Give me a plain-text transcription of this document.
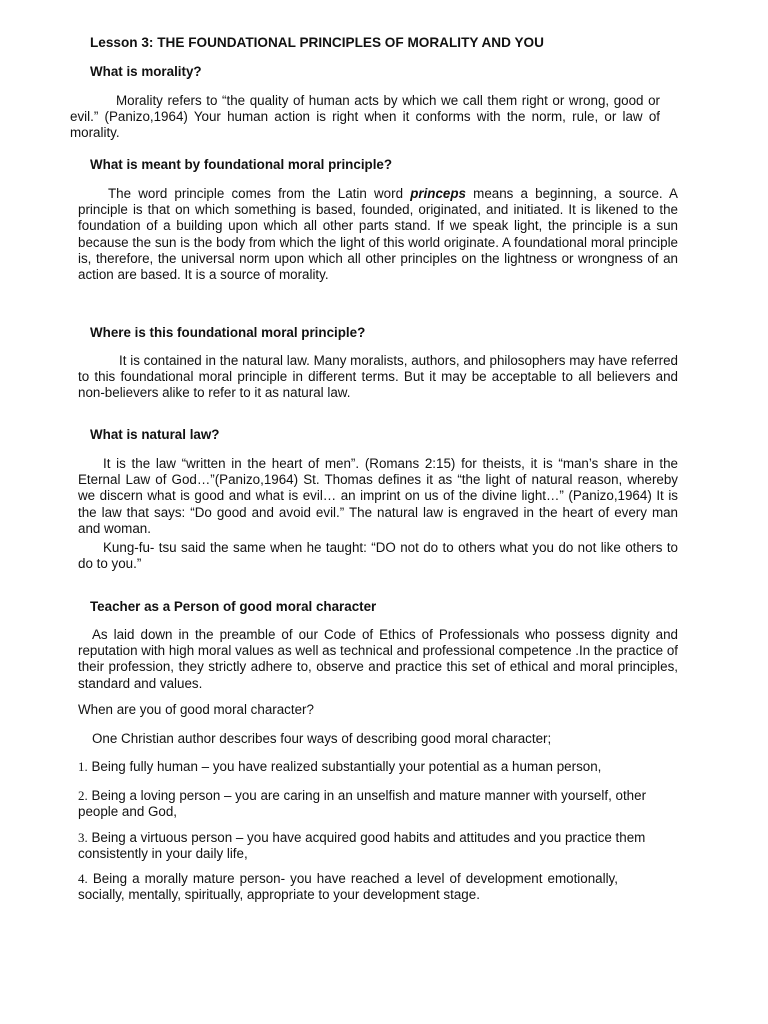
Lesson 3: THE FOUNDATIONAL PRINCIPLES OF MORALITY AND YOU
What is morality?

Morality refers to “the quality of human acts by which we call them right or wrong, good or evil.” (Panizo,1964) Your human action is right when it conforms with the norm, rule, or law of morality.

What is meant by foundational moral principle?

The word principle comes from the Latin word princeps means a beginning, a source. A principle is that on which something is based, founded, originated, and initiated. It is likened to the foundation of a building upon which all other parts stand. If we speak light, the principle is a sun because the sun is the body from which the light of this world originate. A foundational moral principle is, therefore, the universal norm upon which all other principles on the lightness or wrongness of an action are based. It is a source of morality.

Where is this foundational moral principle?

It is contained in the natural law. Many moralists, authors, and philosophers may have referred to this foundational moral principle in different terms. But it may be acceptable to all believers and non-believers alike to refer to it as natural law.

What is natural law?

It is the law “written in the heart of men”. (Romans 2:15) for theists, it is “man’s share in the Eternal Law of God…”(Panizo,1964) St. Thomas defines it as “the light of natural reason, whereby we discern what is good and what is evil… an imprint on us of the divine light…” (Panizo,1964) It is the law that says: “Do good and avoid evil.” The natural law is engraved in the heart of every man and woman.

Kung-fu- tsu said the same when he taught: “DO not do to others what you do not like others to do to you.”

Teacher as a Person of good moral character

As laid down in the preamble of our Code of Ethics of Professionals who possess dignity and reputation with high moral values as well as technical and professional competence .In the practice of their profession, they strictly adhere to, observe and practice this set of ethical and moral principles, standard and values.

When are you of good moral character?
One Christian author describes four ways of describing good moral character;

1. Being fully human – you have realized substantially your potential as a human person,

2. Being a loving person – you are caring in an unselfish and mature manner with yourself, other people and God,

3. Being a virtuous person – you have acquired good habits and attitudes and you practice them consistently in your daily life,

4. Being a morally mature person- you have reached a level of development emotionally, socially, mentally, spiritually, appropriate to your development stage.
